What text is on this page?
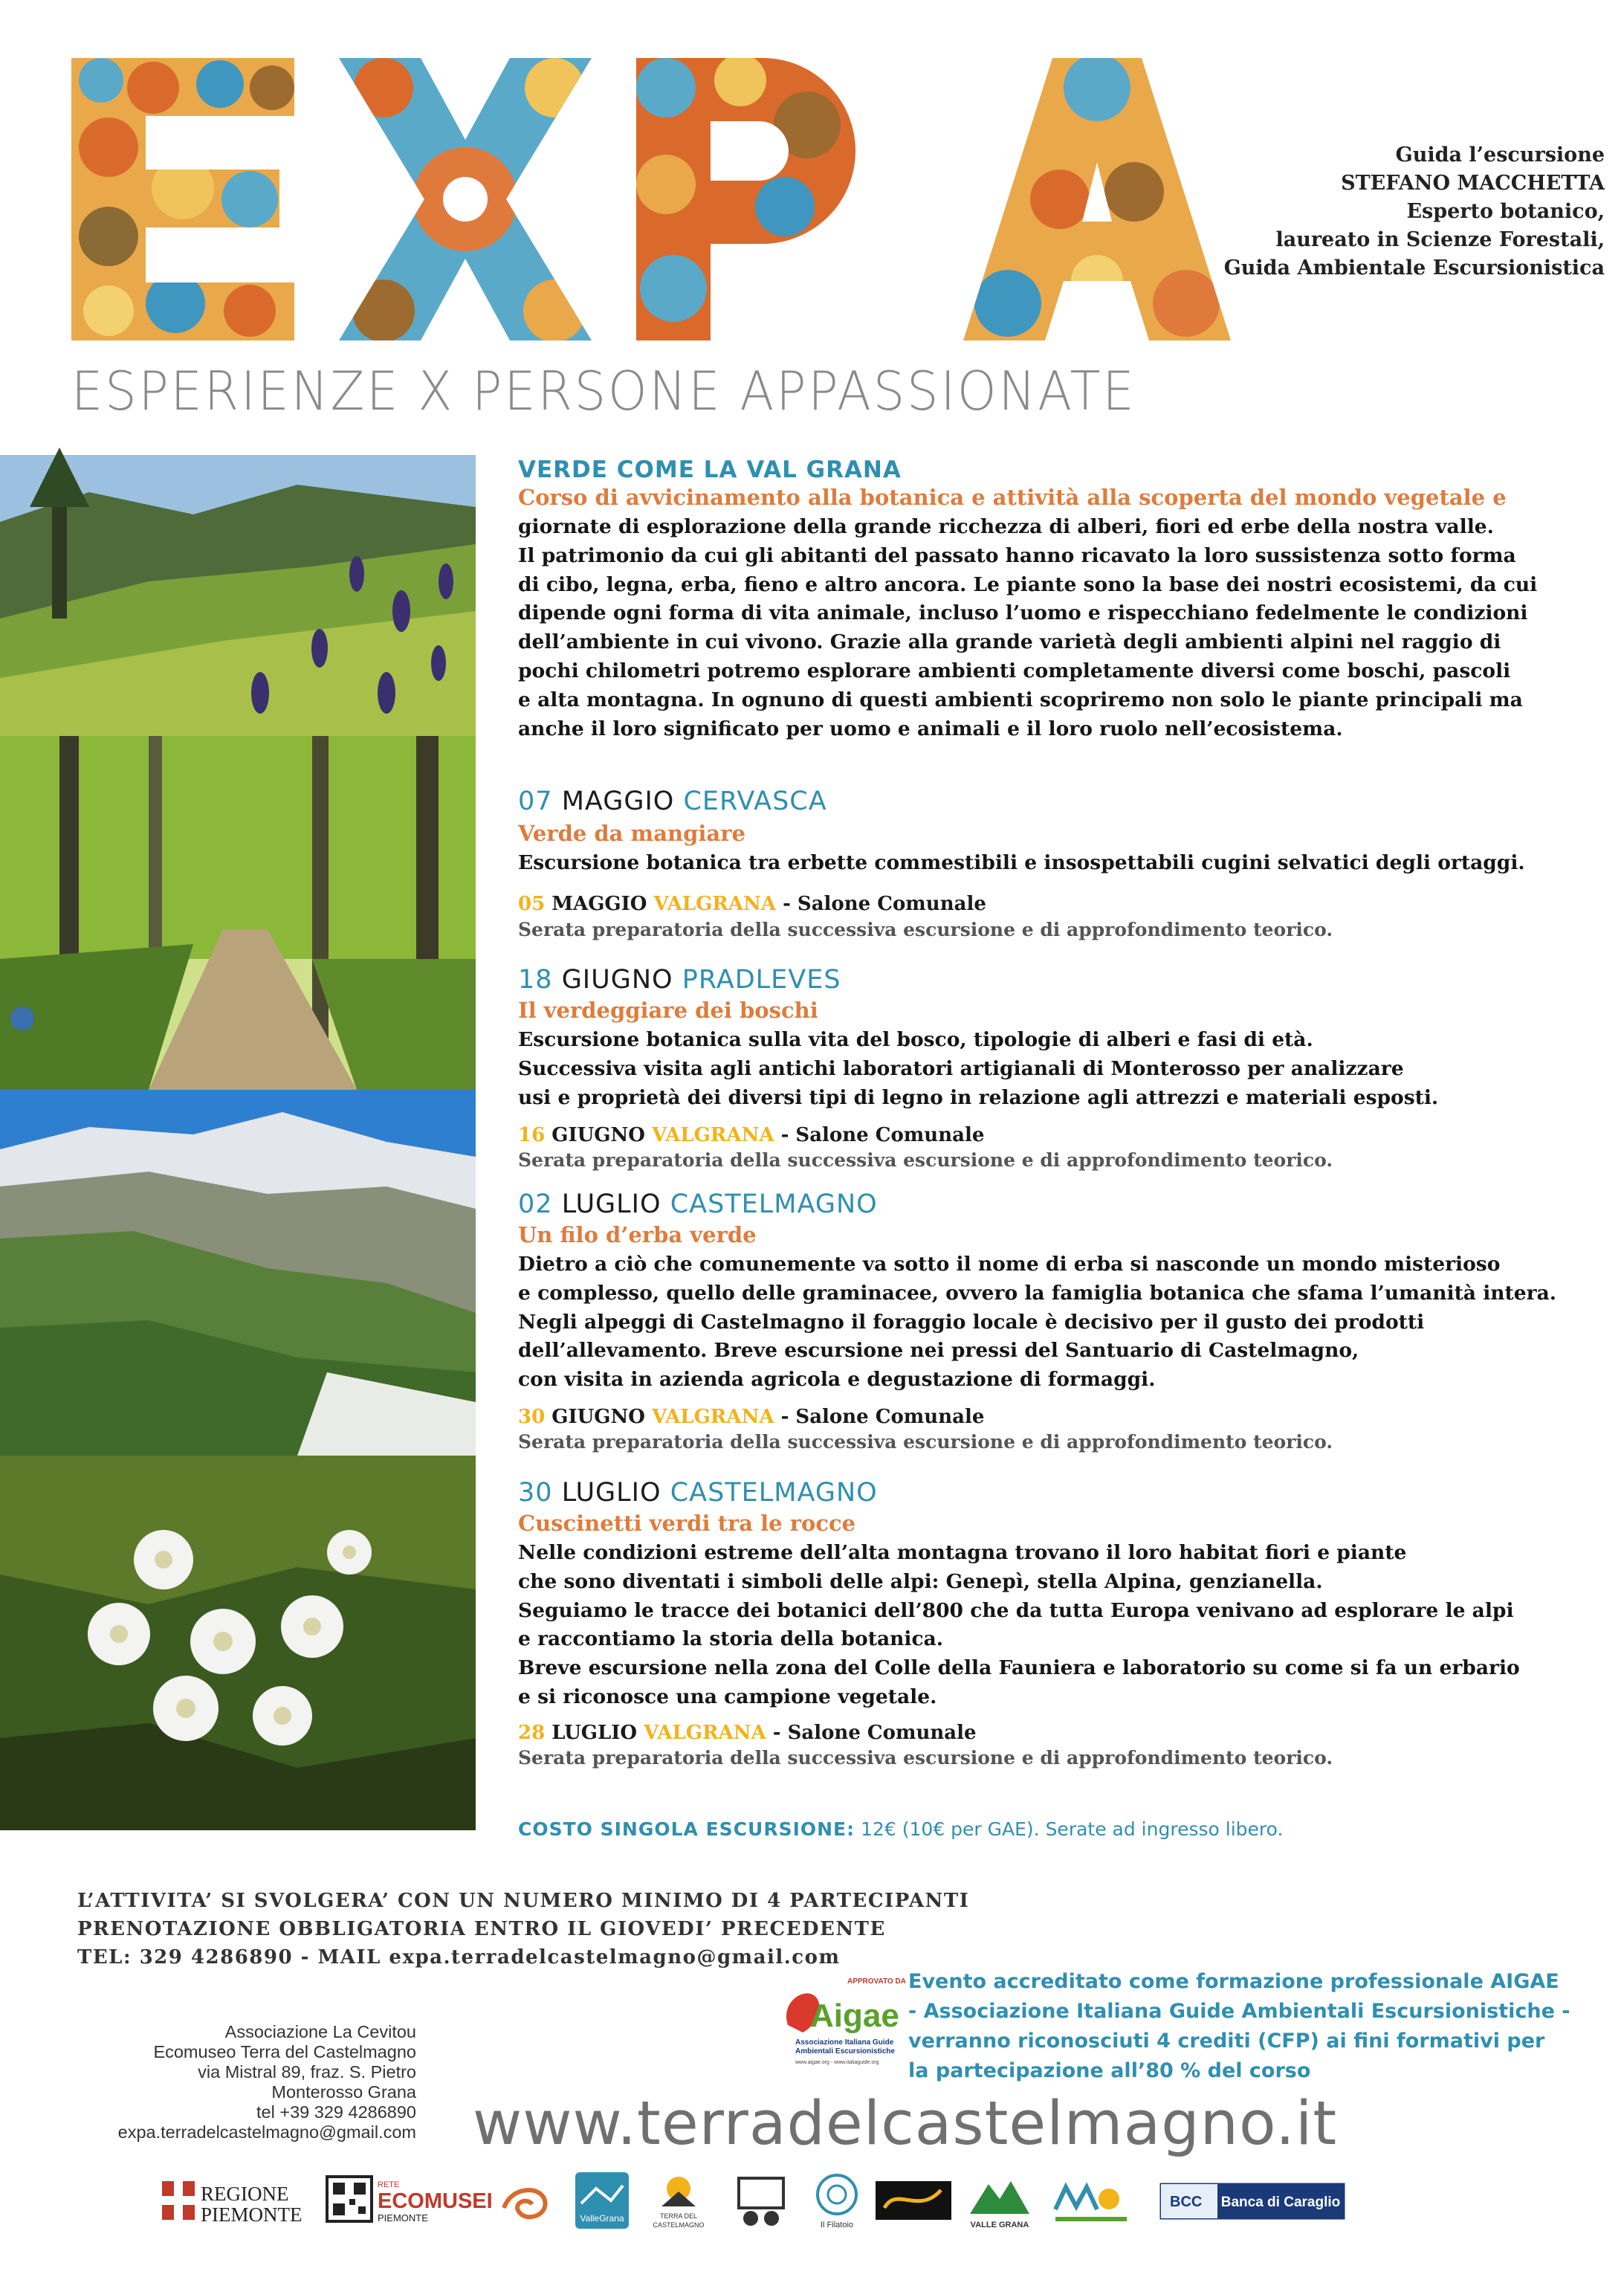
ESPERIENZE X PERSONE APPASSIONATE
Guida l’escursione
STEFANO MACCHETTA
Esperto botanico,
laureato in Scienze Forestali,
Guida Ambientale Escursionistica
VERDE COME LA VAL GRANA
Corso di avvicinamento alla botanica e attività alla scoperta del mondo vegetale e
giornate di esplorazione della grande ricchezza di alberi, fiori ed erbe della nostra valle.
Il patrimonio da cui gli abitanti del passato hanno ricavato la loro sussistenza sotto forma
di cibo, legna, erba, fieno e altro ancora. Le piante sono la base dei nostri ecosistemi, da cui
dipende ogni forma di vita animale, incluso l’uomo e rispecchiano fedelmente le condizioni
dell’ambiente in cui vivono. Grazie alla grande varietà degli ambienti alpini nel raggio di
pochi chilometri potremo esplorare ambienti completamente diversi come boschi, pascoli
e alta montagna. In ognuno di questi ambienti scopriremo non solo le piante principali ma
anche il loro significato per uomo e animali e il loro ruolo nell’ecosistema.
07 MAGGIO CERVASCA
Verde da mangiare
Escursione botanica tra erbette commestibili e insospettabili cugini selvatici degli ortaggi.
05 MAGGIO VALGRANA - Salone Comunale
Serata preparatoria della successiva escursione e di approfondimento teorico.
18 GIUGNO PRADLEVES
Il verdeggiare dei boschi
Escursione botanica sulla vita del bosco, tipologie di alberi e fasi di età.
Successiva visita agli antichi laboratori artigianali di Monterosso per analizzare
usi e proprietà dei diversi tipi di legno in relazione agli attrezzi e materiali esposti.
16 GIUGNO VALGRANA - Salone Comunale
Serata preparatoria della successiva escursione e di approfondimento teorico.
02 LUGLIO CASTELMAGNO
Un filo d’erba verde
Dietro a ciò che comunemente va sotto il nome di erba si nasconde un mondo misterioso
e complesso, quello delle graminacee, ovvero la famiglia botanica che sfama l’umanità intera.
Negli alpeggi di Castelmagno il foraggio locale è decisivo per il gusto dei prodotti
dell’allevamento. Breve escursione nei pressi del Santuario di Castelmagno,
con visita in azienda agricola e degustazione di formaggi.
30 GIUGNO VALGRANA - Salone Comunale
Serata preparatoria della successiva escursione e di approfondimento teorico.
30 LUGLIO CASTELMAGNO
Cuscinetti verdi tra le rocce
Nelle condizioni estreme dell’alta montagna trovano il loro habitat fiori e piante
che sono diventati i simboli delle alpi: Genepì, stella Alpina, genzianella.
Seguiamo le tracce dei botanici dell’800 che da tutta Europa venivano ad esplorare le alpi
e raccontiamo la storia della botanica.
Breve escursione nella zona del Colle della Fauniera e laboratorio su come si fa un erbario
e si riconosce una campione vegetale.
28 LUGLIO VALGRANA - Salone Comunale
Serata preparatoria della successiva escursione e di approfondimento teorico.
COSTO SINGOLA ESCURSIONE: 12€ (10€ per GAE). Serate ad ingresso libero.
L’ATTIVITA’ SI SVOLGERA’ CON UN NUMERO MINIMO DI 4 PARTECIPANTI
PRENOTAZIONE OBBLIGATORIA ENTRO IL GIOVEDI’ PRECEDENTE
TEL: 329 4286890 - MAIL expa.terradelcastelmagno@gmail.com
Associazione La Cevitou
Ecomuseo Terra del Castelmagno
via Mistral 89, fraz. S. Pietro
Monterosso Grana
tel +39 329 4286890
expa.terradelcastelmagno@gmail.com
APPROVATO DA
Aigae
Associazione Italiana Guide
Ambientali Escursionistiche
www.aigae.org - www.italiaguide.org
Evento accreditato come formazione professionale AIGAE
- Associazione Italiana Guide Ambientali Escursionistiche -
verranno riconosciuti 4 crediti (CFP) ai fini formativi per
la partecipazione all’80 % del corso
www.terradelcastelmagno.it
REGIONE
PIEMONTE
RETE
ECOMUSEI
PIEMONTE	ValleGrana	TERRA DEL
CASTELMAGNO	Il Filatoio	VALLE GRANA
BCC Banca di Caraglio
